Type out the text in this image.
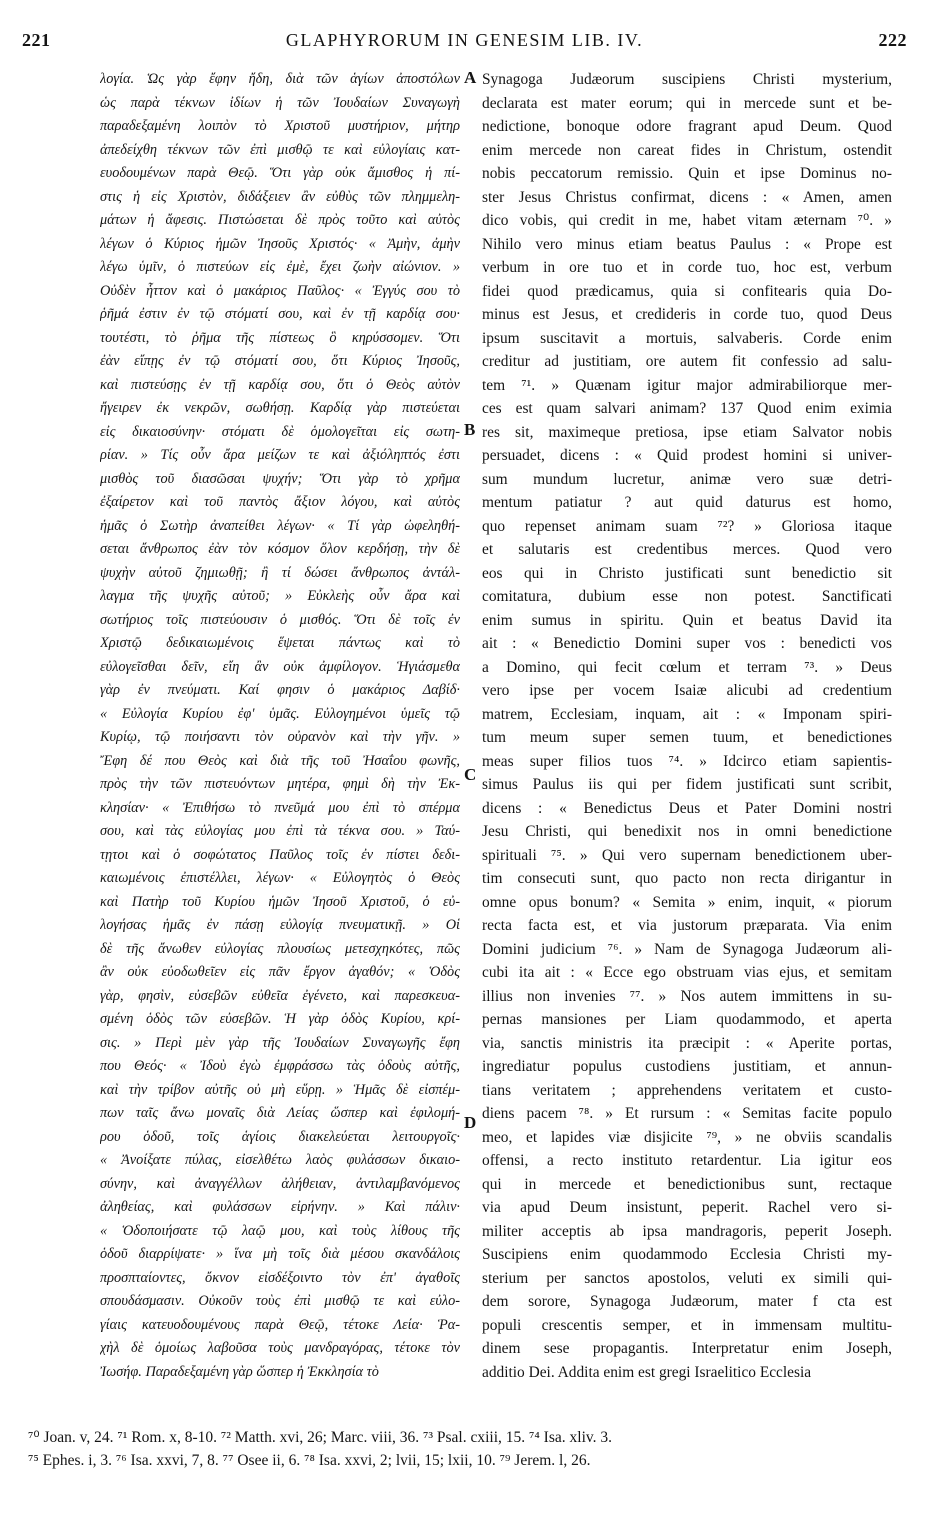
221	GLAPHYRORUM IN GENESIM LIB. IV.	222
λογία. Ὡς γὰρ ἔφην ἤδη, διὰ τῶν ἁγίων ἀποστόλων
ὡς παρὰ τέκνων ἰδίων ἡ τῶν Ἰουδαίων Συναγωγὴ
παραδεξαμένη λοιπὸν τὸ Χριστοῦ μυστήριον, μήτηρ
ἀπεδείχθη τέκνων τῶν ἐπὶ μισθῷ τε καὶ εὐλογίαις κατ-
ευοδουμένων παρὰ Θεῷ. Ὅτι γὰρ οὐκ ἄμισθος ἡ πί-
στις ἡ εἰς Χριστὸν, διδάξειεν ἂν εὐθὺς τῶν πλημμελη-
μάτων ἡ ἄφεσις. Πιστώσεται δὲ πρὸς τοῦτο καὶ αὐτὸς
λέγων ὁ Κύριος ἡμῶν Ἰησοῦς Χριστός· « Ἀμὴν, ἀμὴν
λέγω ὑμῖν, ὁ πιστεύων εἰς ἐμὲ, ἔχει ζωὴν αἰώνιον. »
Οὐδὲν ἧττον καὶ ὁ μακάριος Παῦλος· « Ἐγγύς σου τὸ
ῥῆμά ἐστιν ἐν τῷ στόματί σου, καὶ ἐν τῇ καρδίᾳ σου·
τουτέστι, τὸ ῥῆμα τῆς πίστεως ὃ κηρύσσομεν. Ὅτι
ἐὰν εἴπῃς ἐν τῷ στόματί σου, ὅτι Κύριος Ἰησοῦς,
καὶ πιστεύσῃς ἐν τῇ καρδίᾳ σου, ὅτι ὁ Θεὸς αὐτὸν
ἤγειρεν ἐκ νεκρῶν, σωθήσῃ. Καρδίᾳ γὰρ πιστεύεται
εἰς δικαιοσύνην· στόματι δὲ ὁμολογεῖται εἰς σωτη-
ρίαν. » Τίς οὖν ἄρα μείζων τε καὶ ἀξιόληπτός ἐστι
μισθὸς τοῦ διασῶσαι ψυχήν; Ὅτι γὰρ τὸ χρῆμα
ἐξαίρετον καὶ τοῦ παντὸς ἄξιον λόγου, καὶ αὐτὸς
ἡμᾶς ὁ Σωτὴρ ἀναπείθει λέγων· « Τί γὰρ ὠφεληθή-
σεται ἄνθρωπος ἐὰν τὸν κόσμον ὅλον κερδήσῃ, τὴν δὲ
ψυχὴν αὐτοῦ ζημιωθῇ; ἢ τί δώσει ἄνθρωπος ἀντάλ-
λαγμα τῆς ψυχῆς αὐτοῦ; » Εὐκλεὴς οὖν ἄρα καὶ
σωτήριος τοῖς πιστεύουσιν ὁ μισθός. Ὅτι δὲ τοῖς ἐν
Χριστῷ δεδικαιωμένοις ἕψεται πάντως καὶ τὸ
εὐλογεῖσθαι δεῖν, εἴη ἂν οὐκ ἀμφίλογον. Ἡγιάσμεθα
γὰρ ἐν πνεύματι. Καί φησιν ὁ μακάριος Δαβίδ·
« Εὐλογία Κυρίου ἐφ' ὑμᾶς. Εὐλογημένοι ὑμεῖς τῷ
Κυρίῳ, τῷ ποιήσαντι τὸν οὐρανὸν καὶ τὴν γῆν. »
Ἔφη δέ που Θεὸς καὶ διὰ τῆς τοῦ Ἠσαΐου φωνῆς,
πρὸς τὴν τῶν πιστευόντων μητέρα, φημὶ δὴ τὴν Ἐκ-
κλησίαν· « Ἐπιθήσω τὸ πνεῦμά μου ἐπὶ τὸ σπέρμα
σου, καὶ τὰς εὐλογίας μου ἐπὶ τὰ τέκνα σου. » Ταύ-
τῃτοι καὶ ὁ σοφώτατος Παῦλος τοῖς ἐν πίστει δεδι-
καιωμένοις ἐπιστέλλει, λέγων· « Εὐλογητὸς ὁ Θεὸς
καὶ Πατὴρ τοῦ Κυρίου ἡμῶν Ἰησοῦ Χριστοῦ, ὁ εὐ-
λογήσας ἡμᾶς ἐν πάσῃ εὐλογίᾳ πνευματικῇ. » Οἱ
δὲ τῆς ἄνωθεν εὐλογίας πλουσίως μετεσχηκότες, πῶς
ἂν οὐκ εὐοδωθεῖεν εἰς πᾶν ἔργον ἀγαθόν; « Ὁδὸς
γὰρ, φησὶν, εὐσεβῶν εὐθεῖα ἐγένετο, καὶ παρεσκευα-
σμένη ὁδὸς τῶν εὐσεβῶν. Ἡ γὰρ ὁδὸς Κυρίου, κρί-
σις. » Περὶ μὲν γὰρ τῆς Ἰουδαίων Συναγωγῆς ἔφη
που Θεός· « Ἰδοὺ ἐγὼ ἐμφράσσω τὰς ὁδοὺς αὐτῆς,
καὶ τὴν τρίβον αὐτῆς οὐ μὴ εὕρῃ. » Ἡμᾶς δὲ εἰσπέμ-
πων ταῖς ἄνω μοναῖς διὰ Λείας ὥσπερ καὶ ἐφιλομή-
ρου ὁδοῦ, τοῖς ἁγίοις διακελεύεται λειτουργοῖς·
« Ἀνοίξατε πύλας, εἰσελθέτω λαὸς φυλάσσων δικαιο-
σύνην, καὶ ἀναγγέλλων ἀλήθειαν, ἀντιλαμβανόμενος
ἀληθείας, καὶ φυλάσσων εἰρήνην. » Καὶ πάλιν·
« Ὁδοποιήσατε τῷ λαῷ μου, καὶ τοὺς λίθους τῆς
ὁδοῦ διαρρίψατε· » ἵνα μὴ τοῖς διὰ μέσου σκανδάλοις
προσπταίοντες, ὄκνον εἰσδέξοιντο τὸν ἐπ' ἀγαθοῖς
σπουδάσμασιν. Οὐκοῦν τοὺς ἐπὶ μισθῷ τε καὶ εὐλο-
γίαις κατευοδουμένους παρὰ Θεῷ, τέτοκε Λεία· Ῥα-
χὴλ δὲ ὁμοίως λαβοῦσα τοὺς μανδραγόρας, τέτοκε τὸν
Ἰωσήφ. Παραδεξαμένη γὰρ ὥσπερ ἡ Ἐκκλησία τὸ
Synagoga Judæorum suscipiens Christi mysterium,
declarata est mater eorum; qui in mercede sunt et be-
nedictione, bonoque odore fragrant apud Deum. Quod
enim mercede non careat fides in Christum, ostendit
nobis peccatorum remissio. Quin et ipse Dominus no-
ster Jesus Christus confirmat, dicens : « Amen, amen
dico vobis, qui credit in me, habet vitam æternam ⁷⁰. »
Nihilo vero minus etiam beatus Paulus : « Prope est
verbum in ore tuo et in corde tuo, hoc est, verbum
fidei quod prædicamus, quia si confitearis quia Do-
minus est Jesus, et credideris in corde tuo, quod Deus
ipsum suscitavit a mortuis, salvaberis. Corde enim
creditur ad justitiam, ore autem fit confessio ad salu-
tem ⁷¹. » Quænam igitur major admirabiliorque mer-
ces est quam salvari animam? 137 Quod enim eximia
res sit, maximeque pretiosa, ipse etiam Salvator nobis
persuadet, dicens : « Quid prodest homini si univer-
sum mundum lucretur, animæ vero suæ detri-
mentum patiatur ? aut quid daturus est homo,
quo repenset animam suam ⁷²? » Gloriosa itaque
et salutaris est credentibus merces. Quod vero
eos qui in Christo justificati sunt benedictio sit
comitatura, dubium esse non potest. Sanctificati
enim sumus in spiritu. Quin et beatus David ita
ait : « Benedictio Domini super vos : benedicti vos
a Domino, qui fecit cœlum et terram ⁷³. » Deus
vero ipse per vocem Isaiæ alicubi ad credentium
matrem, Ecclesiam, inquam, ait : « Imponam spiri-
tum meum super semen tuum, et benedictiones
meas super filios tuos ⁷⁴. » Idcirco etiam sapientis-
simus Paulus iis qui per fidem justificati sunt scribit,
dicens : « Benedictus Deus et Pater Domini nostri
Jesu Christi, qui benedixit nos in omni benedictione
spirituali ⁷⁵. » Qui vero supernam benedictionem uber-
tim consecuti sunt, quo pacto non recta dirigantur in
omne opus bonum? « Semita » enim, inquit, « piorum
recta facta est, et via justorum præparata. Via enim
Domini judicium ⁷⁶. » Nam de Synagoga Judæorum ali-
cubi ita ait : « Ecce ego obstruam vias ejus, et semitam
illius non invenies ⁷⁷. » Nos autem immittens in su-
pernas mansiones per Liam quodammodo, et aperta
via, sanctis ministris ita præcipit : « Aperite portas,
ingrediatur populus custodiens justitiam, et annun-
tians veritatem ; apprehendens veritatem et custo-
diens pacem ⁷⁸. » Et rursum : « Semitas facite populo
meo, et lapides viæ disjicite ⁷⁹, » ne obviis scandalis
offensi, a recto instituto retardentur. Lia igitur eos
qui in mercede et benedictionibus sunt, rectaque
via apud Deum insistunt, peperit. Rachel vero si-
militer acceptis ab ipsa mandragoris, peperit Joseph.
Suscipiens enim quodammodo Ecclesia Christi my-
sterium per sanctos apostolos, veluti ex simili qui-
dem sorore, Synagoga Judæorum, mater f cta est
populi crescentis semper, et in immensam multitu-
dinem sese propagantis. Interpretatur enim Joseph,
additio Dei. Addita enim est gregi Israelitico Ecclesia
A
B
C
D
⁷⁰ Joan. v, 24. ⁷¹ Rom. x, 8-10. ⁷² Matth. xvi, 26; Marc. viii, 36. ⁷³ Psal. cxiii, 15. ⁷⁴ Isa. xliv. 3.
⁷⁵ Ephes. i, 3. ⁷⁶ Isa. xxvi, 7, 8. ⁷⁷ Osee ii, 6. ⁷⁸ Isa. xxvi, 2; lvii, 15; lxii, 10. ⁷⁹ Jerem. l, 26.
